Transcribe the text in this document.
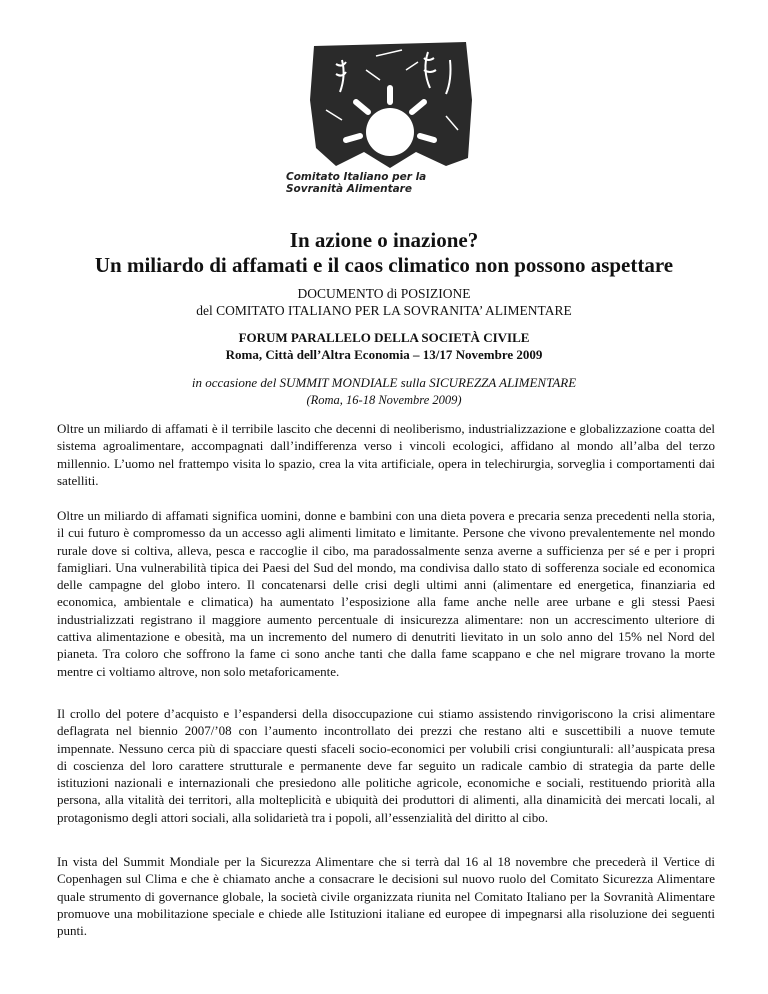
Comitato Italiano per la
Sovranità Alimentare
In azione o inazione?
Un miliardo di affamati e il caos climatico non possono aspettare
DOCUMENTO di POSIZIONE
del COMITATO ITALIANO PER LA SOVRANITA’ ALIMENTARE
FORUM PARALLELO DELLA SOCIETÀ CIVILE
Roma, Città dell’Altra Economia – 13/17 Novembre 2009
in occasione del SUMMIT MONDIALE sulla SICUREZZA ALIMENTARE
(Roma, 16-18 Novembre 2009)

Oltre un miliardo di affamati è il terribile lascito che decenni di neoliberismo, industrializzazione e globalizzazione coatta del sistema agroalimentare, accompagnati dall’indifferenza verso i vincoli ecologici, affidano al mondo all’alba del terzo millennio. L’uomo nel frattempo visita lo spazio, crea la vita artificiale, opera in telechirurgia, sorveglia i comportamenti dai satelliti.

Oltre un miliardo di affamati significa uomini, donne e bambini con una dieta povera e precaria senza precedenti nella storia, il cui futuro è compromesso da un accesso agli alimenti limitato e limitante. Persone che vivono prevalentemente nel mondo rurale dove si coltiva, alleva, pesca e raccoglie il cibo, ma paradossalmente senza averne a sufficienza per sé e per i propri famigliari. Una vulnerabilità tipica dei Paesi del Sud del mondo, ma condivisa dallo stato di sofferenza sociale ed economica delle campagne del globo intero. Il concatenarsi delle crisi degli ultimi anni (alimentare ed energetica, finanziaria ed economica, ambientale e climatica) ha aumentato l’esposizione alla fame anche nelle aree urbane e gli stessi Paesi industrializzati registrano il maggiore aumento percentuale di insicurezza alimentare: non un accrescimento ulteriore di cattiva alimentazione e obesità, ma un incremento del numero di denutriti lievitato in un solo anno del 15% nel Nord del pianeta. Tra coloro che soffrono la fame ci sono anche tanti che dalla fame scappano e che nel migrare trovano la morte mentre ci voltiamo altrove, non solo metaforicamente.

Il crollo del potere d’acquisto e l’espandersi della disoccupazione cui stiamo assistendo rinvigoriscono la crisi alimentare deflagrata nel biennio 2007/’08 con l’aumento incontrollato dei prezzi che restano alti e suscettibili a nuove temute impennate. Nessuno cerca più di spacciare questi sfaceli socio-economici per volubili crisi congiunturali: all’auspicata presa di coscienza del loro carattere strutturale e permanente deve far seguito un radicale cambio di strategia da parte delle istituzioni nazionali e internazionali che presiedono alle politiche agricole, economiche e sociali, restituendo priorità alla persona, alla vitalità dei territori, alla molteplicità e ubiquità dei produttori di alimenti, alla dinamicità dei mercati locali, al protagonismo degli attori sociali, alla solidarietà tra i popoli, all’essenzialità del diritto al cibo.

In vista del Summit Mondiale per la Sicurezza Alimentare che si terrà dal 16 al 18 novembre che precederà il Vertice di Copenhagen sul Clima e che è chiamato anche a consacrare le decisioni sul nuovo ruolo del Comitato Sicurezza Alimentare quale strumento di governance globale, la società civile organizzata riunita nel Comitato Italiano per la Sovranità Alimentare promuove una mobilitazione speciale e chiede alle Istituzioni italiane ed europee di impegnarsi alla risoluzione dei seguenti punti.
